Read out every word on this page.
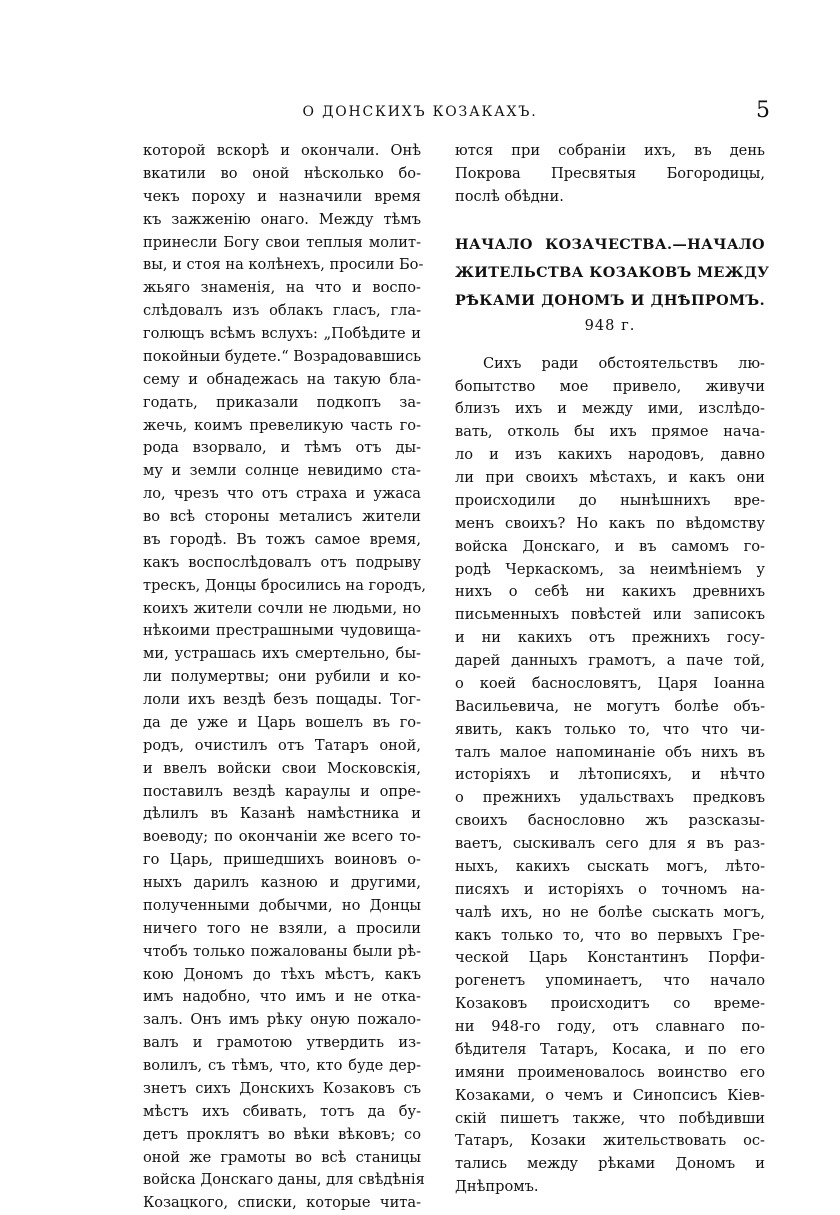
О ДОНСКИХЪ КОЗАКАХЪ.	5
которой вскорѣ и окончали. Онѣ
вкатили во оной нѣсколько бо-
чекъ пороху и назначили время
къ зажженію онаго. Между тѣмъ
принесли Богу свои теплыя молит-
вы, и стоя на колѣнехъ, просили Бо-
жьяго знаменія, на что и воспо-
слѣдовалъ изъ облакъ гласъ, гла-
голющъ всѣмъ вслухъ: „Побѣдите и
покойныи будете.“ Возрадовавшись
сему и обнадежась на такую бла-
годать, приказали подкопъ за-
жечь, коимъ превеликую часть го-
рода взорвало, и тѣмъ отъ ды-
му и земли солнце невидимо ста-
ло, чрезъ что отъ страха и ужаса
во всѣ стороны металисъ жители
въ городѣ. Въ тожъ самое время,
какъ воспослѣдовалъ отъ подрыву
трескъ, Донцы бросились на городъ,
коихъ жители сочли не людьми, но
нѣкоими престрашными чудовища-
ми, устрашась ихъ смертельно, бы-
ли полумертвы; они рубили и ко-
лоли ихъ вездѣ безъ пощады. Тог-
да де уже и Царь вошелъ въ го-
родъ, очистилъ отъ Татаръ оной,
и ввелъ войски свои Московскія,
поставилъ вездѣ караулы и опре-
дѣлилъ въ Казанѣ намѣстника и
воеводу; по окончаніи же всего то-
го Царь, пришедшихъ воиновъ о-
ныхъ дарилъ казною и другими,
полученными добычми, но Донцы
ничего того не взяли, а просили
чтобъ только пожалованы были рѣ-
кою Дономъ до тѣхъ мѣстъ, какъ
имъ надобно, что имъ и не отка-
залъ. Онъ имъ рѣку оную пожало-
валъ и грамотою утвердить из-
волилъ, съ тѣмъ, что, кто буде дер-
знетъ сихъ Донскихъ Козаковъ съ
мѣстъ ихъ сбивать, тотъ да бу-
детъ проклятъ во вѣки вѣковъ; со
оной же грамоты во всѣ станицы
войска Донскаго даны, для свѣдѣнія
Козацкого, списки, которые чита-
ются при собраніи ихъ, въ день
Покрова Пресвятыя Богородицы,
послѣ обѣдни.
НАЧАЛО КОЗАЧЕСТВА.—НАЧАЛО
ЖИТЕЛЬСТВА КОЗАКОВЪ МЕЖДУ
РѢКАМИ ДОНОМЪ И ДНѢПРОМЪ.
948 г.
Сихъ ради обстоятельствъ лю-
бопытство мое привело, живучи
близъ ихъ и между ими, изслѣдо-
вать, отколь бы ихъ прямое нача-
ло и изъ какихъ народовъ, давно
ли при своихъ мѣстахъ, и какъ они
происходили до нынѣшнихъ вре-
менъ своихъ? Но какъ по вѣдомству
войска Донскаго, и въ самомъ го-
родѣ Черкаскомъ, за неимѣніемъ у
нихъ о себѣ ни какихъ древнихъ
письменныхъ повѣстей или записокъ
и ни какихъ отъ прежнихъ госу-
дарей данныхъ грамотъ, а паче той,
о коей баснословятъ, Царя Іоанна
Васильевича, не могутъ болѣе объ-
явить, какъ только то, что что чи-
талъ малое напоминаніе объ нихъ въ
исторіяхъ и лѣтописяхъ, и нѣчто
о прежнихъ удальствахъ предковъ
своихъ баснословно жъ разсказы-
ваетъ, сыскивалъ сего для я въ раз-
ныхъ, какихъ сыскать могъ, лѣто-
писяхъ и исторіяхъ о точномъ на-
чалѣ ихъ, но не болѣе сыскать могъ,
какъ только то, что во первыхъ Гре-
ческой Царь Константинъ Порфи-
рогенетъ упоминаетъ, что начало
Козаковъ происходитъ со време-
ни 948-го году, отъ славнаго по-
бѣдителя Татаръ, Косака, и по его
имяни проименовалось воинство его
Козаками, о чемъ и Синопсисъ Кіев-
скій пишетъ также, что побѣдивши
Татаръ, Козаки жительствовать ос-
тались между рѣками Дономъ и
Днѣпромъ.
